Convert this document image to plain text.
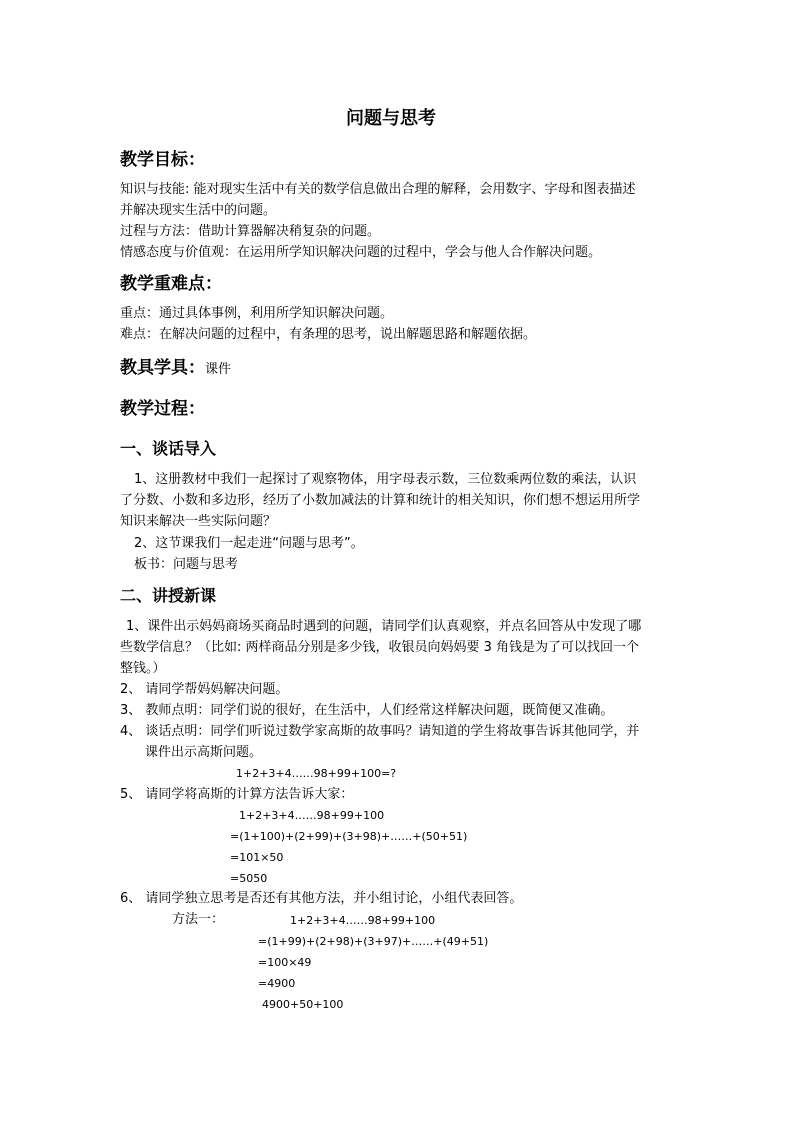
问题与思考
教学目标：
知识与技能: 能对现实生活中有关的数学信息做出合理的解释，会用数字、字母和图表描述
并解决现实生活中的问题。
过程与方法：借助计算器解决稍复杂的问题。
情感态度与价值观：在运用所学知识解决问题的过程中，学会与他人合作解决问题。
教学重难点：
重点：通过具体事例，利用所学知识解决问题。
难点：在解决问题的过程中，有条理的思考，说出解题思路和解题依据。
教具学具：课件
教学过程：
一、谈话导入
1、这册教材中我们一起探讨了观察物体，用字母表示数，三位数乘两位数的乘法，认识
了分数、小数和多边形，经历了小数加减法的计算和统计的相关知识，你们想不想运用所学
知识来解决一些实际问题？
2、这节课我们一起走进“问题与思考”。
板书：问题与思考
二、讲授新课
1、课件出示妈妈商场买商品时遇到的问题，请同学们认真观察，并点名回答从中发现了哪
些数学信息？（比如: 两样商品分别是多少钱，收银员向妈妈要 3 角钱是为了可以找回一个
整钱。）
2、 请同学帮妈妈解决问题。
3、 教师点明：同学们说的很好，在生活中，人们经常这样解决问题，既简便又准确。
4、 谈话点明：同学们听说过数学家高斯的故事吗？请知道的学生将故事告诉其他同学，并
课件出示高斯问题。
1+2+3+4……98+99+100=?
5、 请同学将高斯的计算方法告诉大家：
1+2+3+4……98+99+100
=(1+100)+(2+99)+(3+98)+……+(50+51)
=101×50
=5050
6、 请同学独立思考是否还有其他方法，并小组讨论，小组代表回答。
方法一：	1+2+3+4……98+99+100
=(1+99)+(2+98)+(3+97)+……+(49+51)
=100×49
=4900
4900+50+100
